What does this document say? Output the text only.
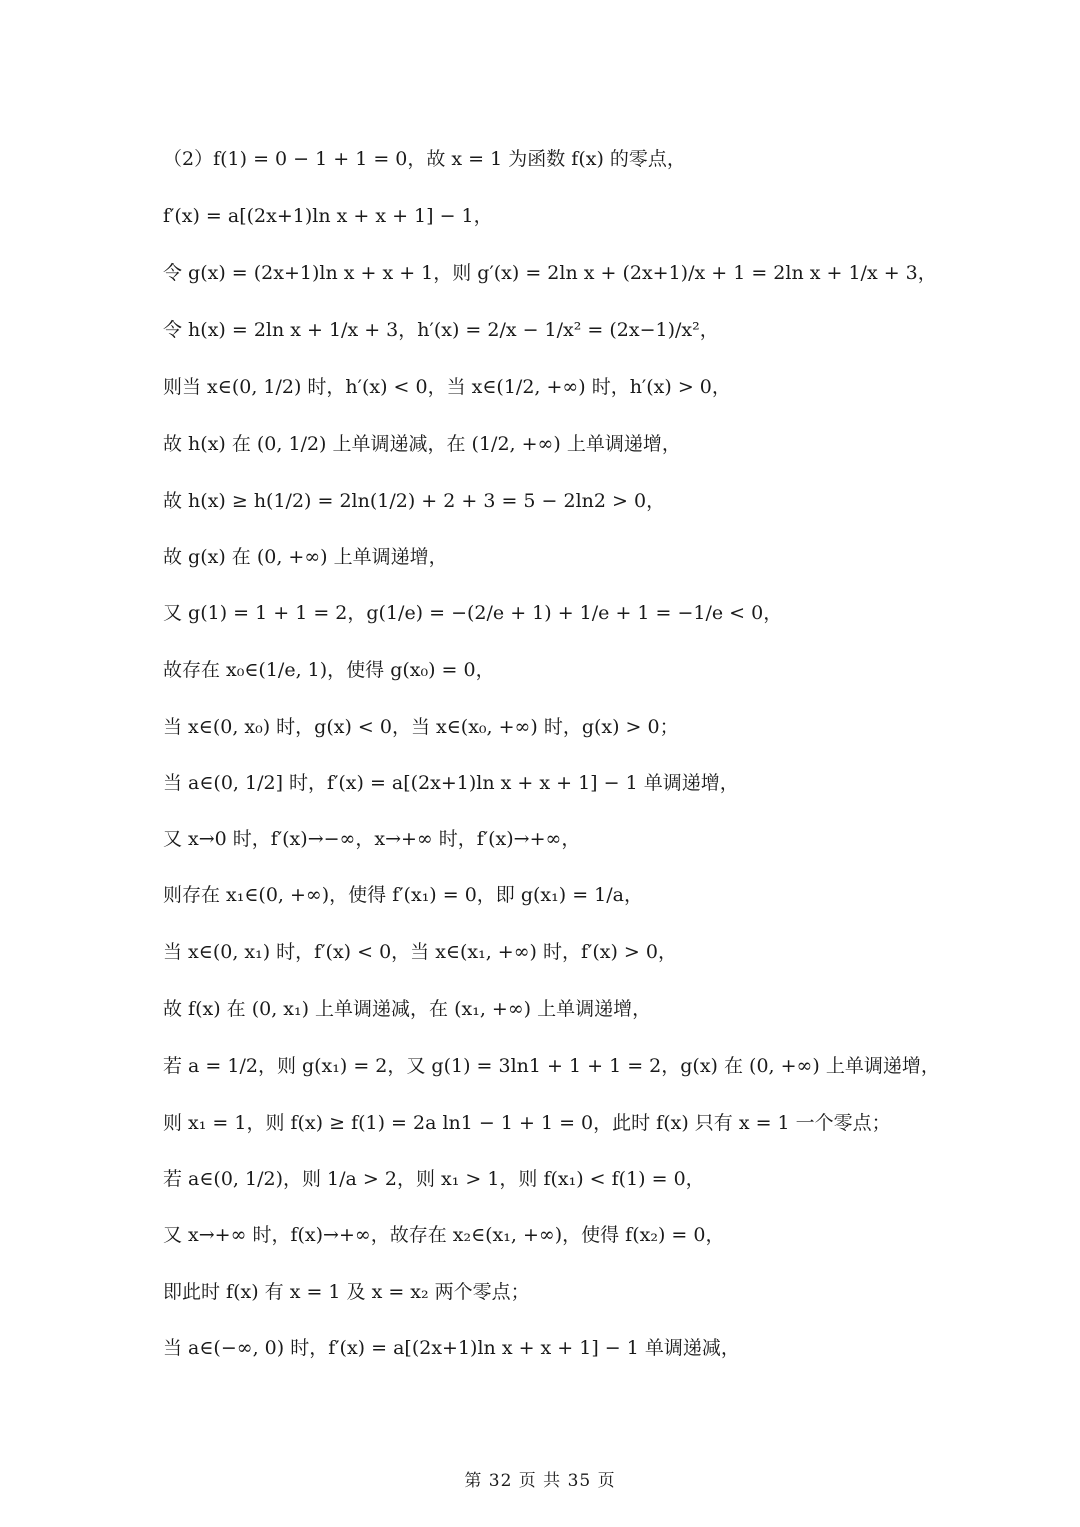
（2）f(1) = 0 − 1 + 1 = 0，故 x = 1 为函数 f(x) 的零点，
f′(x) = a[(2x+1)ln x + x + 1] − 1，
令 g(x) = (2x+1)ln x + x + 1，则 g′(x) = 2ln x + (2x+1)/x + 1 = 2ln x + 1/x + 3，
令 h(x) = 2ln x + 1/x + 3，h′(x) = 2/x − 1/x² = (2x−1)/x²，
则当 x∈(0, 1/2) 时，h′(x) < 0，当 x∈(1/2, +∞) 时，h′(x) > 0，
故 h(x) 在 (0, 1/2) 上单调递减，在 (1/2, +∞) 上单调递增，
故 h(x) ≥ h(1/2) = 2ln(1/2) + 2 + 3 = 5 − 2ln2 > 0，
故 g(x) 在 (0, +∞) 上单调递增，
又 g(1) = 1 + 1 = 2，g(1/e) = −(2/e + 1) + 1/e + 1 = −1/e < 0，
故存在 x₀∈(1/e, 1)，使得 g(x₀) = 0，
当 x∈(0, x₀) 时，g(x) < 0，当 x∈(x₀, +∞) 时，g(x) > 0；
当 a∈(0, 1/2] 时，f′(x) = a[(2x+1)ln x + x + 1] − 1 单调递增，
又 x→0 时，f′(x)→−∞，x→+∞ 时，f′(x)→+∞，
则存在 x₁∈(0, +∞)，使得 f′(x₁) = 0，即 g(x₁) = 1/a，
当 x∈(0, x₁) 时，f′(x) < 0，当 x∈(x₁, +∞) 时，f′(x) > 0，
故 f(x) 在 (0, x₁) 上单调递减，在 (x₁, +∞) 上单调递增，
若 a = 1/2，则 g(x₁) = 2，又 g(1) = 3ln1 + 1 + 1 = 2，g(x) 在 (0, +∞) 上单调递增，
则 x₁ = 1，则 f(x) ≥ f(1) = 2a ln1 − 1 + 1 = 0，此时 f(x) 只有 x = 1 一个零点；
若 a∈(0, 1/2)，则 1/a > 2，则 x₁ > 1，则 f(x₁) < f(1) = 0，
又 x→+∞ 时，f(x)→+∞，故存在 x₂∈(x₁, +∞)，使得 f(x₂) = 0，
即此时 f(x) 有 x = 1 及 x = x₂ 两个零点；
当 a∈(−∞, 0) 时，f′(x) = a[(2x+1)ln x + x + 1] − 1 单调递减，
第 32 页 共 35 页
